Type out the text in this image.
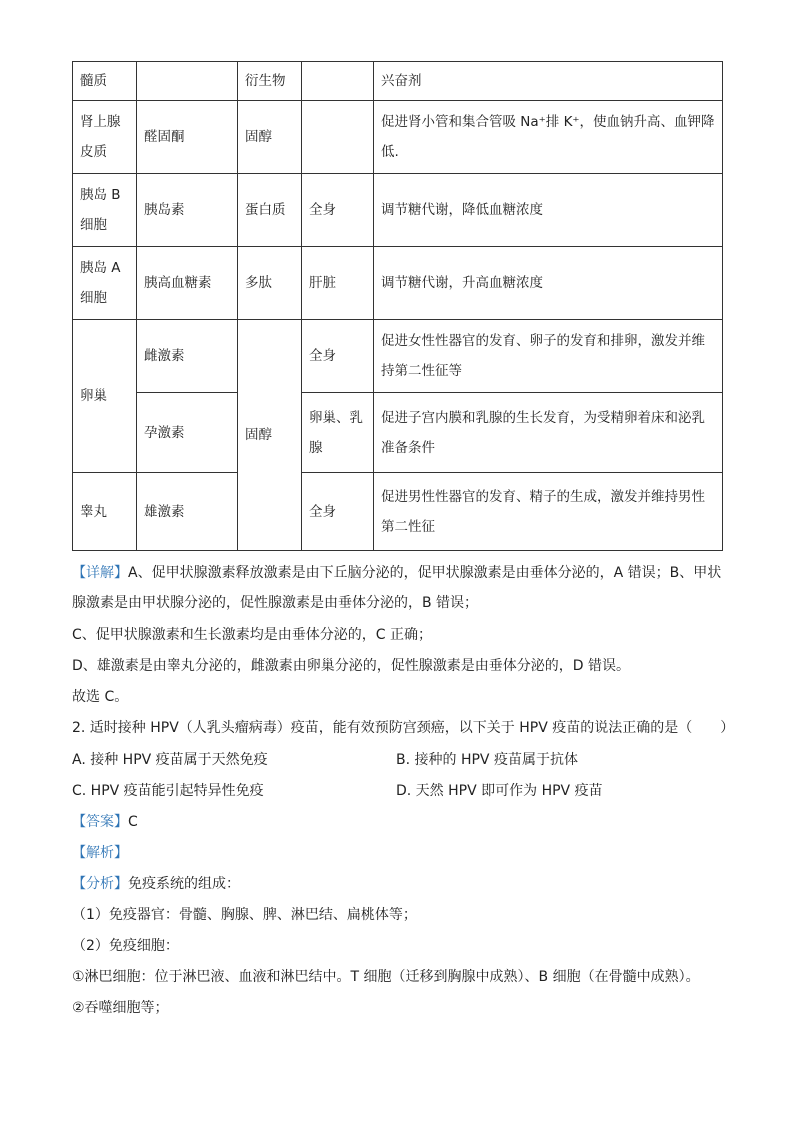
髓质		衍生物		兴奋剂
肾上腺皮质	醛固酮	固醇		促进肾小管和集合管吸 Na⁺排 K⁺，使血钠升高、血钾降低.
胰岛 B 细胞	胰岛素	蛋白质	全身	调节糖代谢，降低血糖浓度
胰岛 A 细胞	胰高血糖素	多肽	肝脏	调节糖代谢，升高血糖浓度
卵巢	雌激素	固醇	全身	促进女性性器官的发育、卵子的发育和排卵，激发并维持第二性征等
	孕激素		卵巢、乳腺	促进子宫内膜和乳腺的生长发育，为受精卵着床和泌乳准备条件
睾丸	雄激素		全身	促进男性性器官的发育、精子的生成，激发并维持男性第二性征
【详解】A、促甲状腺激素释放激素是由下丘脑分泌的，促甲状腺激素是由垂体分泌的，A 错误；B、甲状腺激素是由甲状腺分泌的，促性腺激素是由垂体分泌的，B 错误；
C、促甲状腺激素和生长激素均是由垂体分泌的，C 正确；
D、雄激素是由睾丸分泌的，雌激素由卵巢分泌的，促性腺激素是由垂体分泌的，D 错误。
故选 C。
2. 适时接种 HPV（人乳头瘤病毒）疫苗，能有效预防宫颈癌，以下关于 HPV 疫苗的说法正确的是（　　）
A. 接种 HPV 疫苗属于天然免疫	B. 接种的 HPV 疫苗属于抗体
C. HPV 疫苗能引起特异性免疫	D. 天然 HPV 即可作为 HPV 疫苗
【答案】C
【解析】
【分析】免疫系统的组成：
（1）免疫器官：骨髓、胸腺、脾、淋巴结、扁桃体等；
（2）免疫细胞：
①淋巴细胞：位于淋巴液、血液和淋巴结中。T 细胞（迁移到胸腺中成熟）、B 细胞（在骨髓中成熟）。
②吞噬细胞等；
